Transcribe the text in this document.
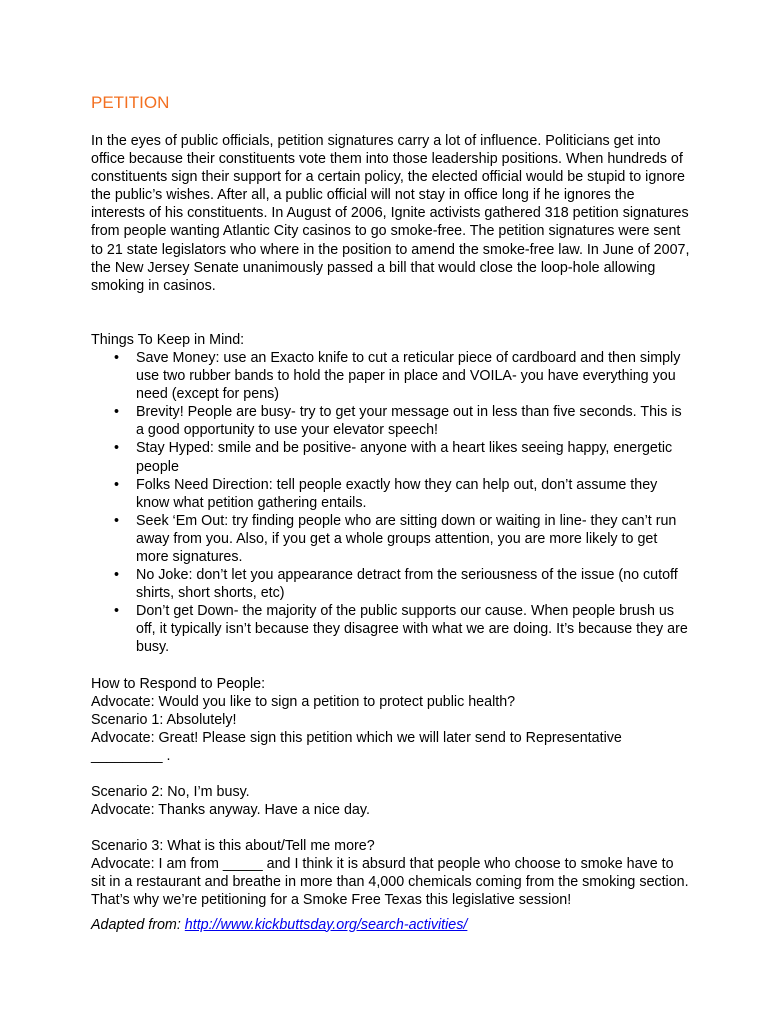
PETITION

In the eyes of public officials, petition signatures carry a lot of influence. Politicians get into office because their constituents vote them into those leadership positions. When hundreds of constituents sign their support for a certain policy, the elected official would be stupid to ignore the public’s wishes. After all, a public official will not stay in office long if he ignores the interests of his constituents. In August of 2006, Ignite activists gathered 318 petition signatures from people wanting Atlantic City casinos to go smoke-free. The petition signatures were sent to 21 state legislators who where in the position to amend the smoke-free law. In June of 2007, the New Jersey Senate unanimously passed a bill that would close the loop-hole allowing smoking in casinos.

Things To Keep in Mind:

• Save Money: use an Exacto knife to cut a reticular piece of cardboard and then simply use two rubber bands to hold the paper in place and VOILA- you have everything you need (except for pens)
• Brevity! People are busy- try to get your message out in less than five seconds. This is a good opportunity to use your elevator speech!
• Stay Hyped: smile and be positive- anyone with a heart likes seeing happy, energetic people
• Folks Need Direction: tell people exactly how they can help out, don’t assume they know what petition gathering entails.
• Seek ‘Em Out: try finding people who are sitting down or waiting in line- they can’t run away from you. Also, if you get a whole groups attention, you are more likely to get more signatures.
• No Joke: don’t let you appearance detract from the seriousness of the issue (no cutoff shirts, short shorts, etc)
• Don’t get Down- the majority of the public supports our cause. When people brush us off, it typically isn’t because they disagree with what we are doing. It’s because they are busy.
How to Respond to People:
Advocate: Would you like to sign a petition to protect public health?
Scenario 1: Absolutely!
Advocate: Great! Please sign this petition which we will later send to Representative _________ .
Scenario 2: No, I’m busy.
Advocate: Thanks anyway. Have a nice day.
Scenario 3: What is this about/Tell me more?
Advocate: I am from _____ and I think it is absurd that people who choose to smoke have to sit in a restaurant and breathe in more than 4,000 chemicals coming from the smoking section. That’s why we’re petitioning for a Smoke Free Texas this legislative session!

Adapted from: http://www.kickbuttsday.org/search-activities/
